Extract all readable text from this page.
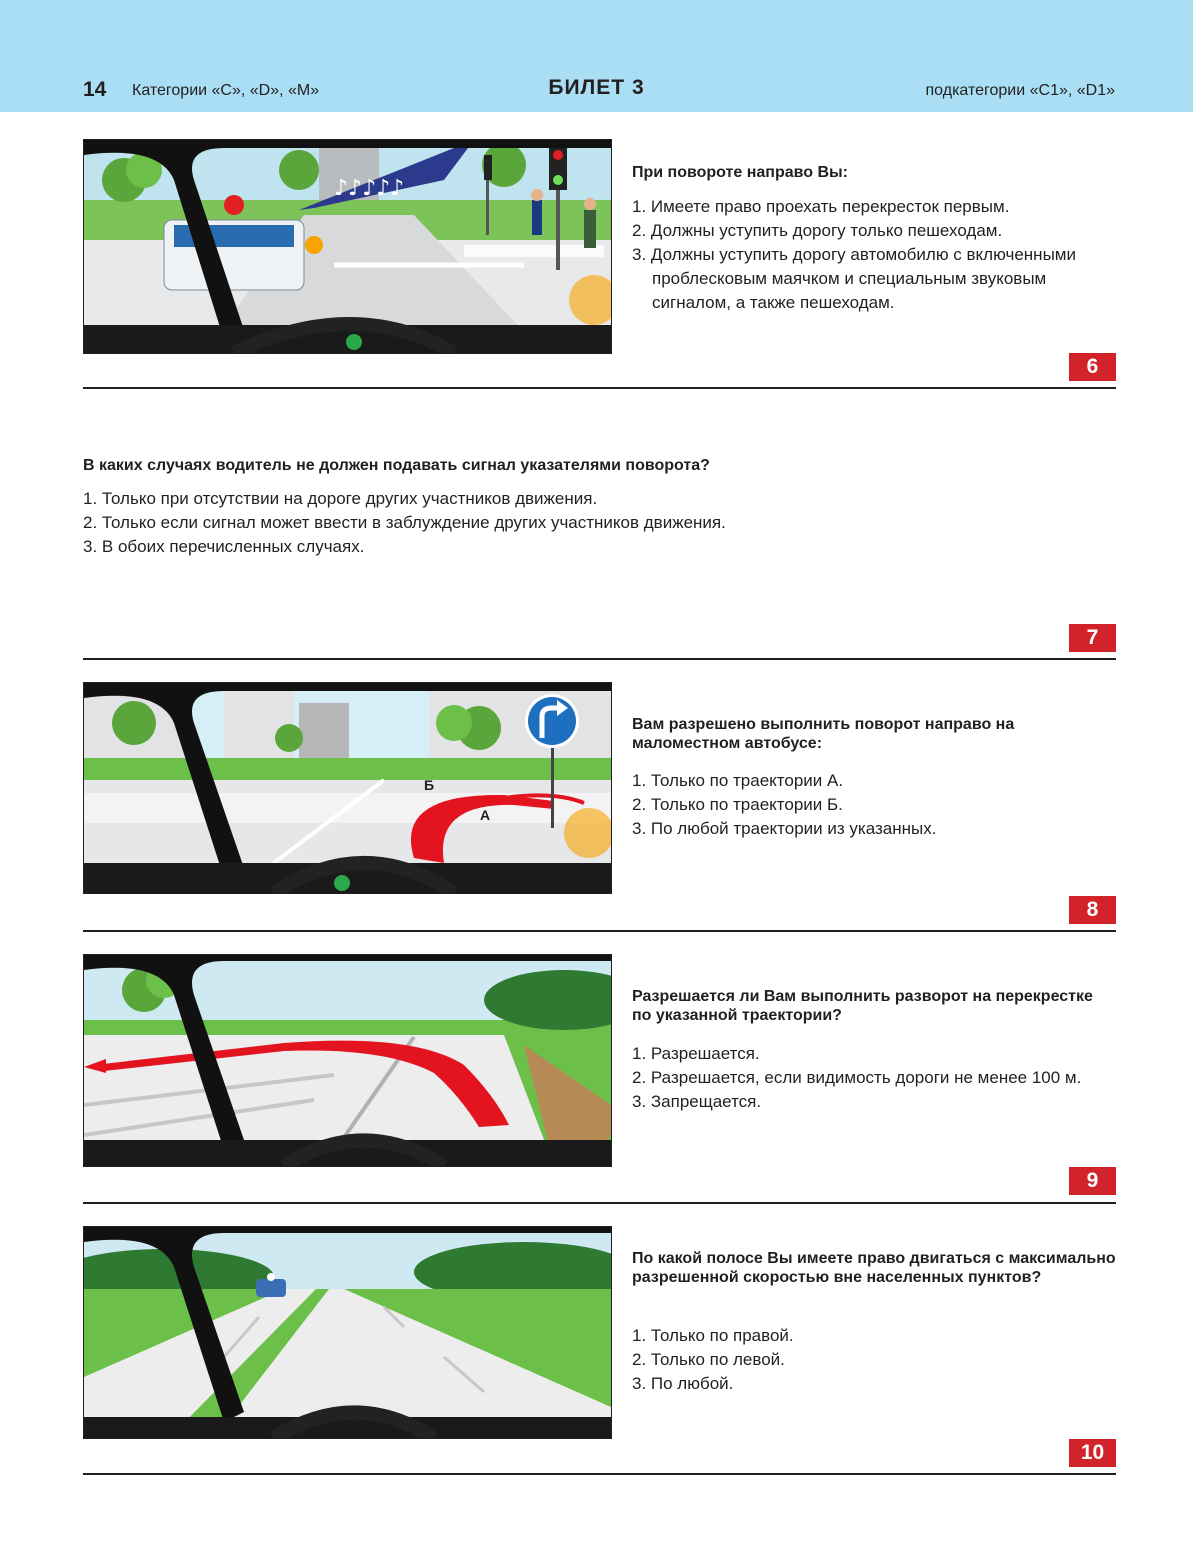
14 Категории «C», «D», «M»	БИЛЕТ 3	подкатегории «C1», «D1»
♪♪♪♪♪
При повороте направо Вы:
1. Имеете право проехать перекресток первым.
2. Должны уступить дорогу только пешеходам.
3. Должны уступить дорогу автомобилю с включенными проблесковым маячком и специальным звуковым сигналом, а также пешеходам.
6
В каких случаях водитель не должен подавать сигнал указателями поворота?
1. Только при отсутствии на дороге других участников движения.
2. Только если сигнал может ввести в заблуждение других участников движения.
3. В обоих перечисленных случаях.
7
Б
А
Вам разрешено выполнить поворот направо на маломестном автобусе:
1. Только по траектории А.
2. Только по траектории Б.
3. По любой траектории из указанных.
8
Разрешается ли Вам выполнить разворот на перекрестке по указанной траектории?
1. Разрешается.
2. Разрешается, если видимость дороги не менее 100 м.
3. Запрещается.
9
По какой полосе Вы имеете право двигаться с максимально разрешенной скоростью вне населенных пунктов?
1. Только по правой.
2. Только по левой.
3. По любой.
10
